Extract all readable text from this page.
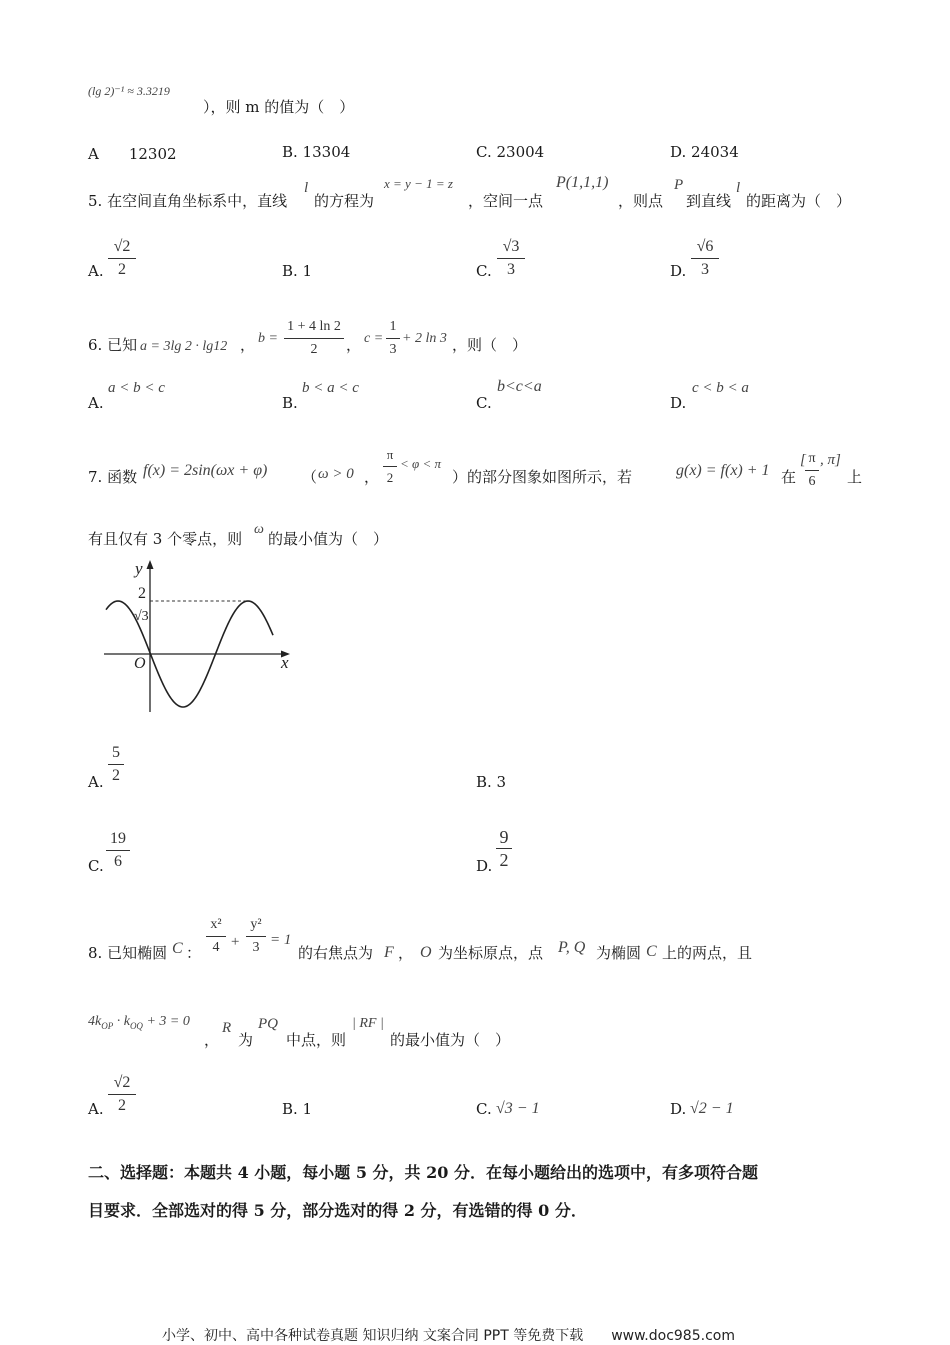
(lg 2)⁻¹ ≈ 3.3219
），则 m 的值为（　）
A　　12302	B. 13304	C. 23004	D. 24034
5. 在空间直角坐标系中，直线
l
的方程为
x = y − 1 = z
，空间一点
P(1,1,1)
，则点
P
到直线
l
的距离为（　）
A.
√2
2	B. 1	C.
√3
3	D.
√6
3
6. 已知 a = 3lg 2 · lg12 ， b =
1 + 4 ln 2
2	， c =
1
3
+ 2 ln 3 ，则（　）
A.
a < b < c
B.
b < a < c
C.
b<c<a
D.
c < b < a
7. 函数 f(x) = 2sin(ωx + φ) （ ω > 0 ，
π
2
< φ < π
）的部分图象如图所示，若	g(x) = f(x) + 1 在
[ π
6
, π]
上
有且仅有 3 个零点，则
ω
的最小值为（　）
y
x
O
2
√3
A.
5
2	B. 3
C.
19
6	D.
9
2
8. 已知椭圆 C ：
x²
4 +
y²
3 = 1
的右焦点为 F ， O 为坐标原点，点 P, Q 为椭圆 C 上的两点，且
$4k_{OP} \cdot k_{OQ} + 3 = 0$
，
R
为
PQ
中点，则
| RF |
的最小值为（　）
A.
√2
2	B. 1	C. √3 − 1	D. √2 − 1
二、选择题：本题共 4 小题，每小题 5 分，共 20 分．在每小题给出的选项中，有多项符合题
目要求．全部选对的得 5 分，部分选对的得 2 分，有选错的得 0 分．
小学、初中、高中各种试卷真题 知识归纳 文案合同 PPT 等免费下载　　www.doc985.com
